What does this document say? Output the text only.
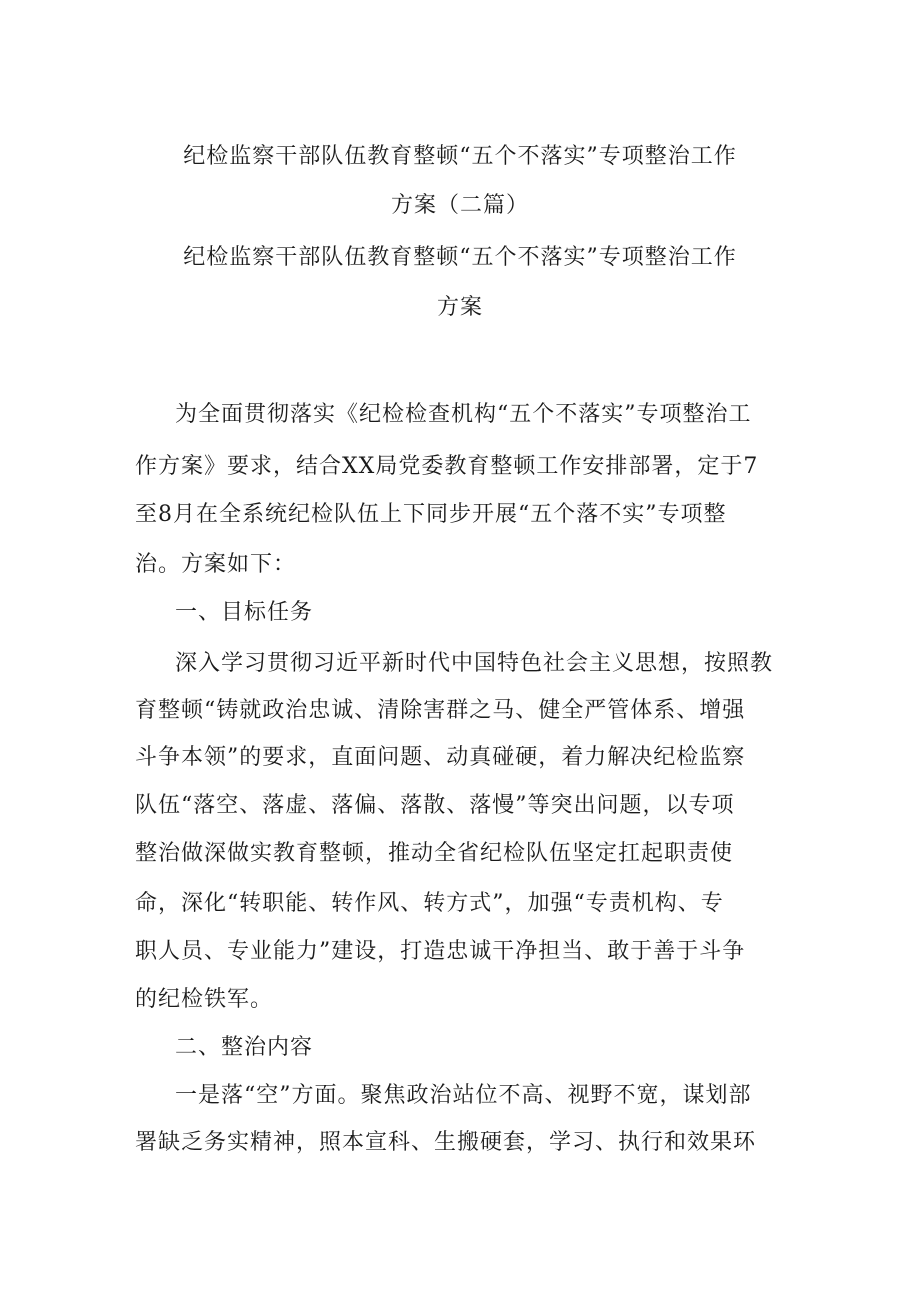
纪检监察干部队伍教育整顿“五个不落实”专项整治工作
方案（二篇）
纪检监察干部队伍教育整顿“五个不落实”专项整治工作
方案
为全面贯彻落实《纪检检查机构“五个不落实”专项整治工
作方案》要求，结合XX局党委教育整顿工作安排部署，定于7
至8月在全系统纪检队伍上下同步开展“五个落不实”专项整
治。方案如下：
一、目标任务
深入学习贯彻习近平新时代中国特色社会主义思想，按照教
育整顿“铸就政治忠诚、清除害群之马、健全严管体系、增强
斗争本领”的要求，直面问题、动真碰硬，着力解决纪检监察
队伍“落空、落虚、落偏、落散、落慢”等突出问题，以专项
整治做深做实教育整顿，推动全省纪检队伍坚定扛起职责使
命，深化“转职能、转作风、转方式”，加强“专责机构、专
职人员、专业能力”建设，打造忠诚干净担当、敢于善于斗争
的纪检铁军。
二、整治内容
一是落“空”方面。聚焦政治站位不高、视野不宽，谋划部
署缺乏务实精神，照本宣科、生搬硬套，学习、执行和效果环
